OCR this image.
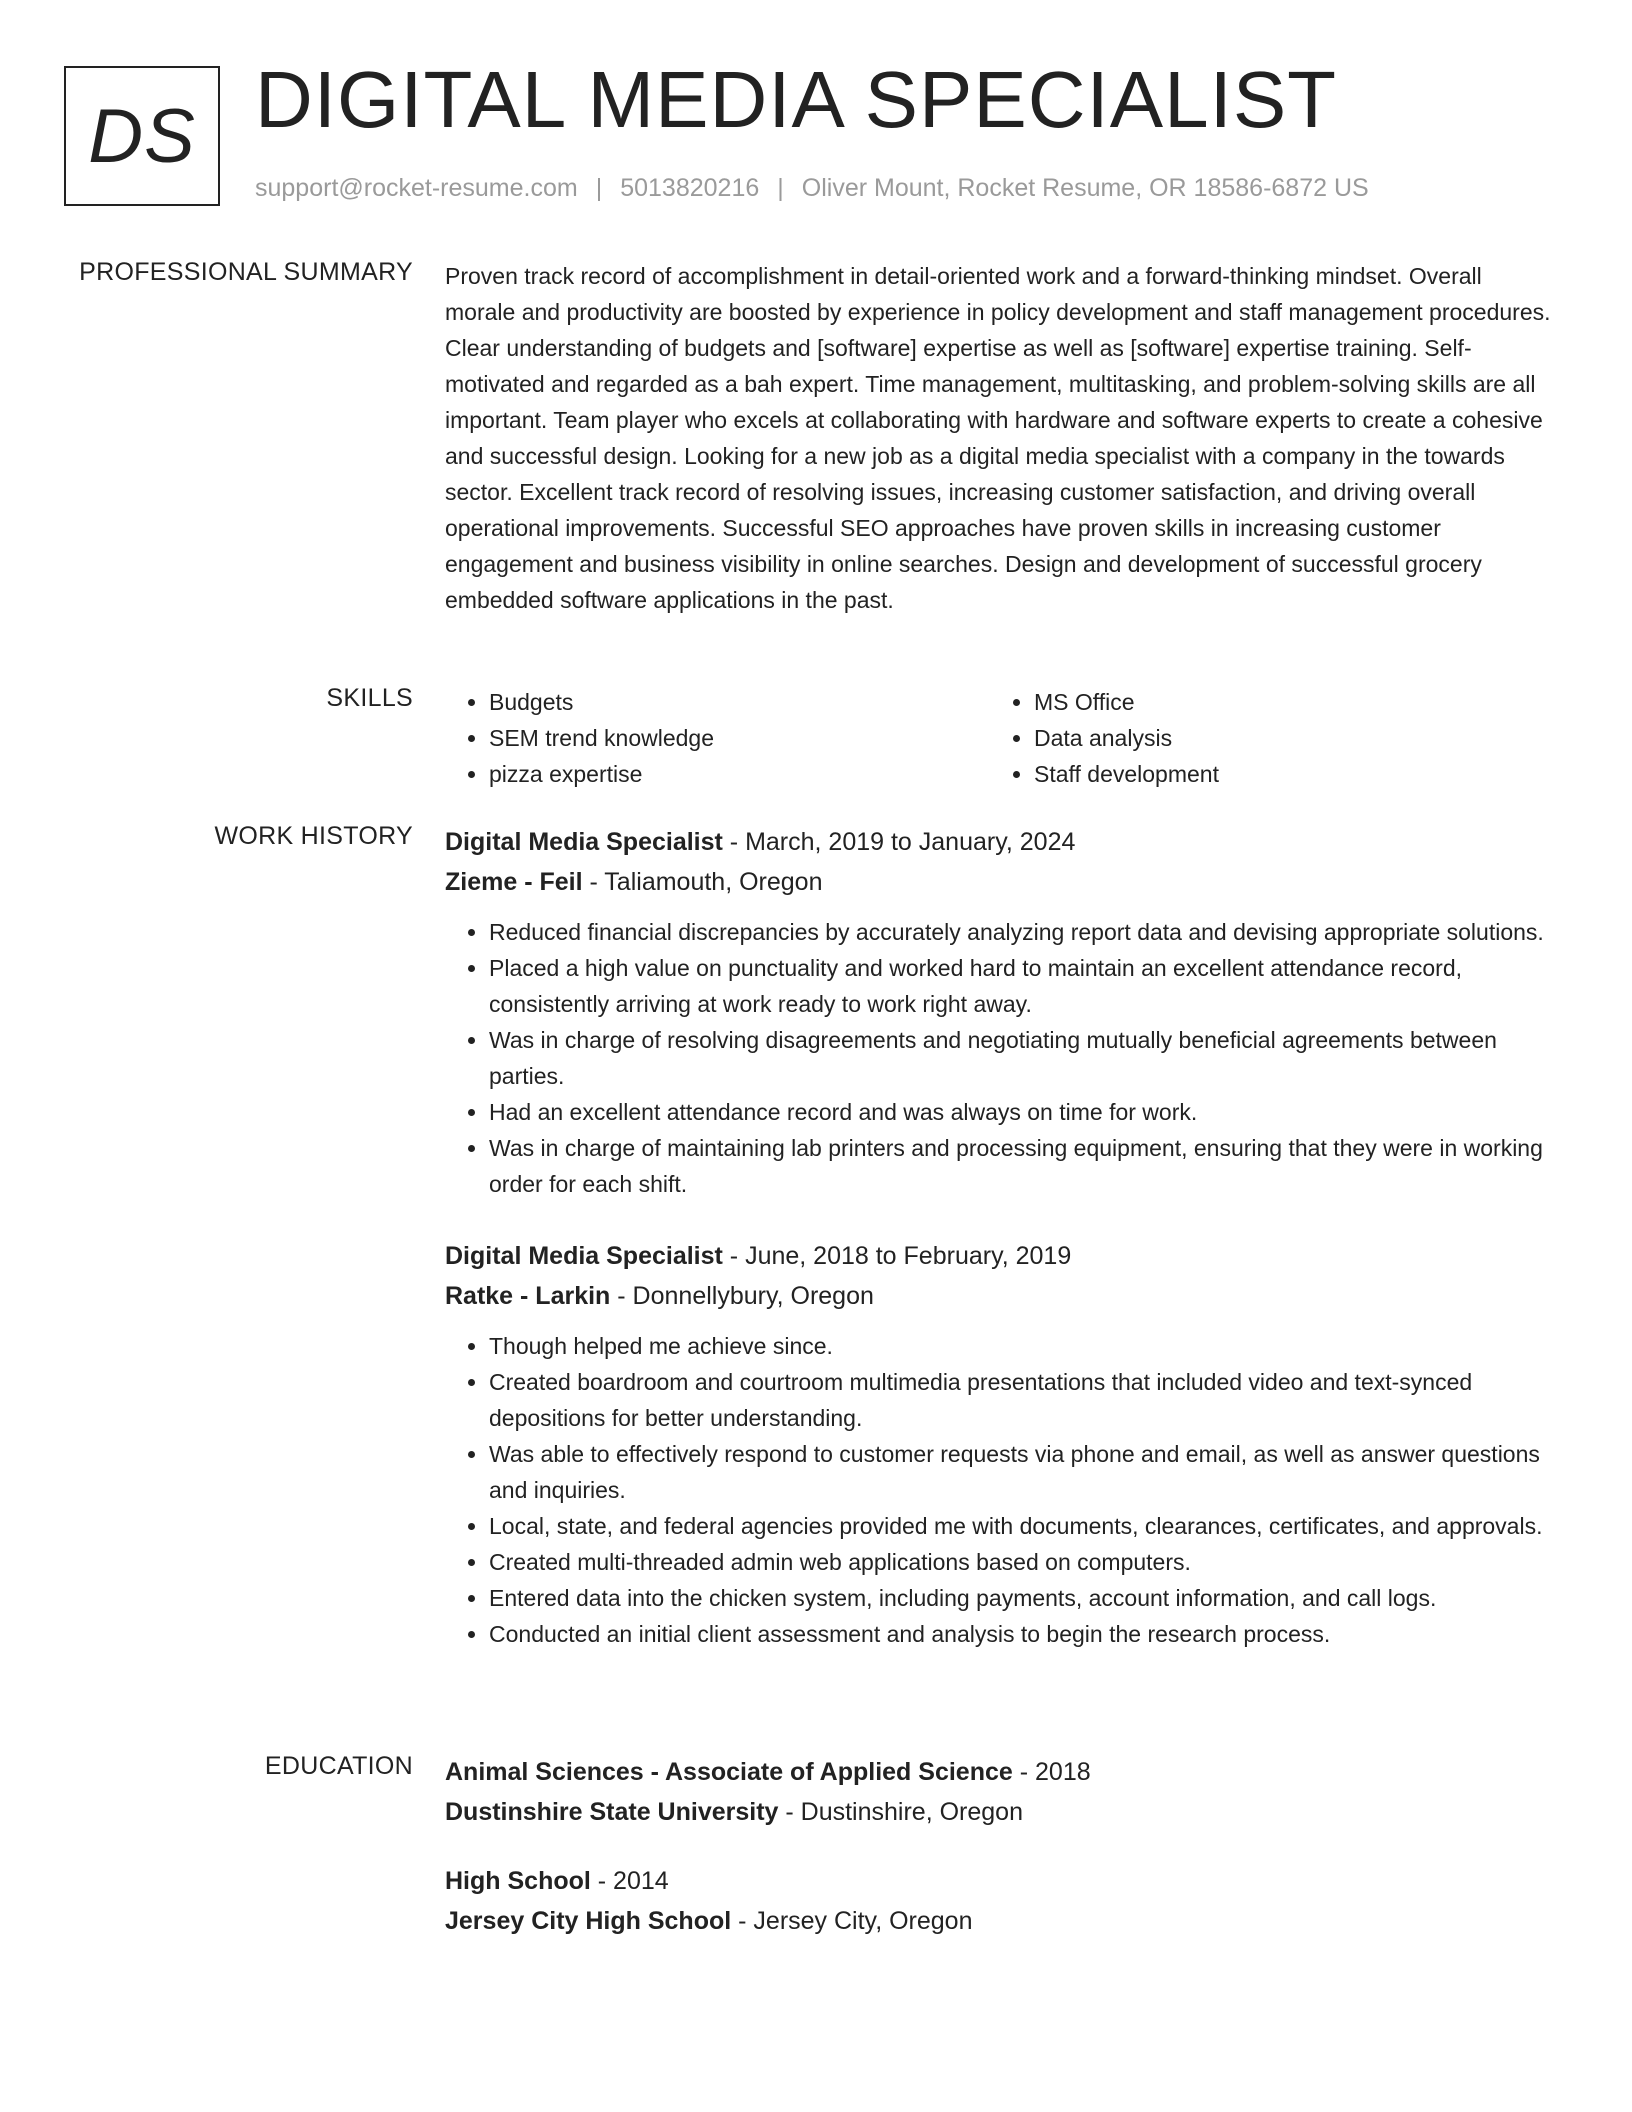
DS DIGITAL MEDIA SPECIALIST
support@rocket-resume.com | 5013820216 | Oliver Mount, Rocket Resume, OR 18586-6872 US
PROFESSIONAL SUMMARY Proven track record of accomplishment in detail-oriented work and a forward-thinking mindset. Overall morale and productivity are boosted by experience in policy development and staff management procedures. Clear understanding of budgets and [software] expertise as well as [software] expertise training. Self-motivated and regarded as a bah expert. Time management, multitasking, and problem-solving skills are all important. Team player who excels at collaborating with hardware and software experts to create a cohesive and successful design. Looking for a new job as a digital media specialist with a company in the towards sector. Excellent track record of resolving issues, increasing customer satisfaction, and driving overall operational improvements. Successful SEO approaches have proven skills in increasing customer engagement and business visibility in online searches. Design and development of successful grocery embedded software applications in the past.

SKILLS
•	Budgets
• SEM trend knowledge
• pizza expertise
• MS Office
• Data analysis
• Staff development
WORK HISTORY Digital Media Specialist - March, 2019 to January, 2024
Zieme - Feil - Taliamouth, Oregon
• Reduced financial discrepancies by accurately analyzing report data and devising appropriate solutions.
• Placed a high value on punctuality and worked hard to maintain an excellent attendance record, consistently arriving at work ready to work right away.
• Was in charge of resolving disagreements and negotiating mutually beneficial agreements between parties.
• Had an excellent attendance record and was always on time for work.
• Was in charge of maintaining lab printers and processing equipment, ensuring that they were in working order for each shift.
Digital Media Specialist - June, 2018 to February, 2019
Ratke - Larkin - Donnellybury, Oregon
• Though helped me achieve since.
• Created boardroom and courtroom multimedia presentations that included video and text-synced depositions for better understanding.
• Was able to effectively respond to customer requests via phone and email, as well as answer questions and inquiries.
• Local, state, and federal agencies provided me with documents, clearances, certificates, and approvals.
• Created multi-threaded admin web applications based on computers.
• Entered data into the chicken system, including payments, account information, and call logs.
• Conducted an initial client assessment and analysis to begin the research process.
EDUCATION Animal Sciences - Associate of Applied Science - 2018
Dustinshire State University - Dustinshire, Oregon
High School - 2014
Jersey City High School - Jersey City, Oregon
